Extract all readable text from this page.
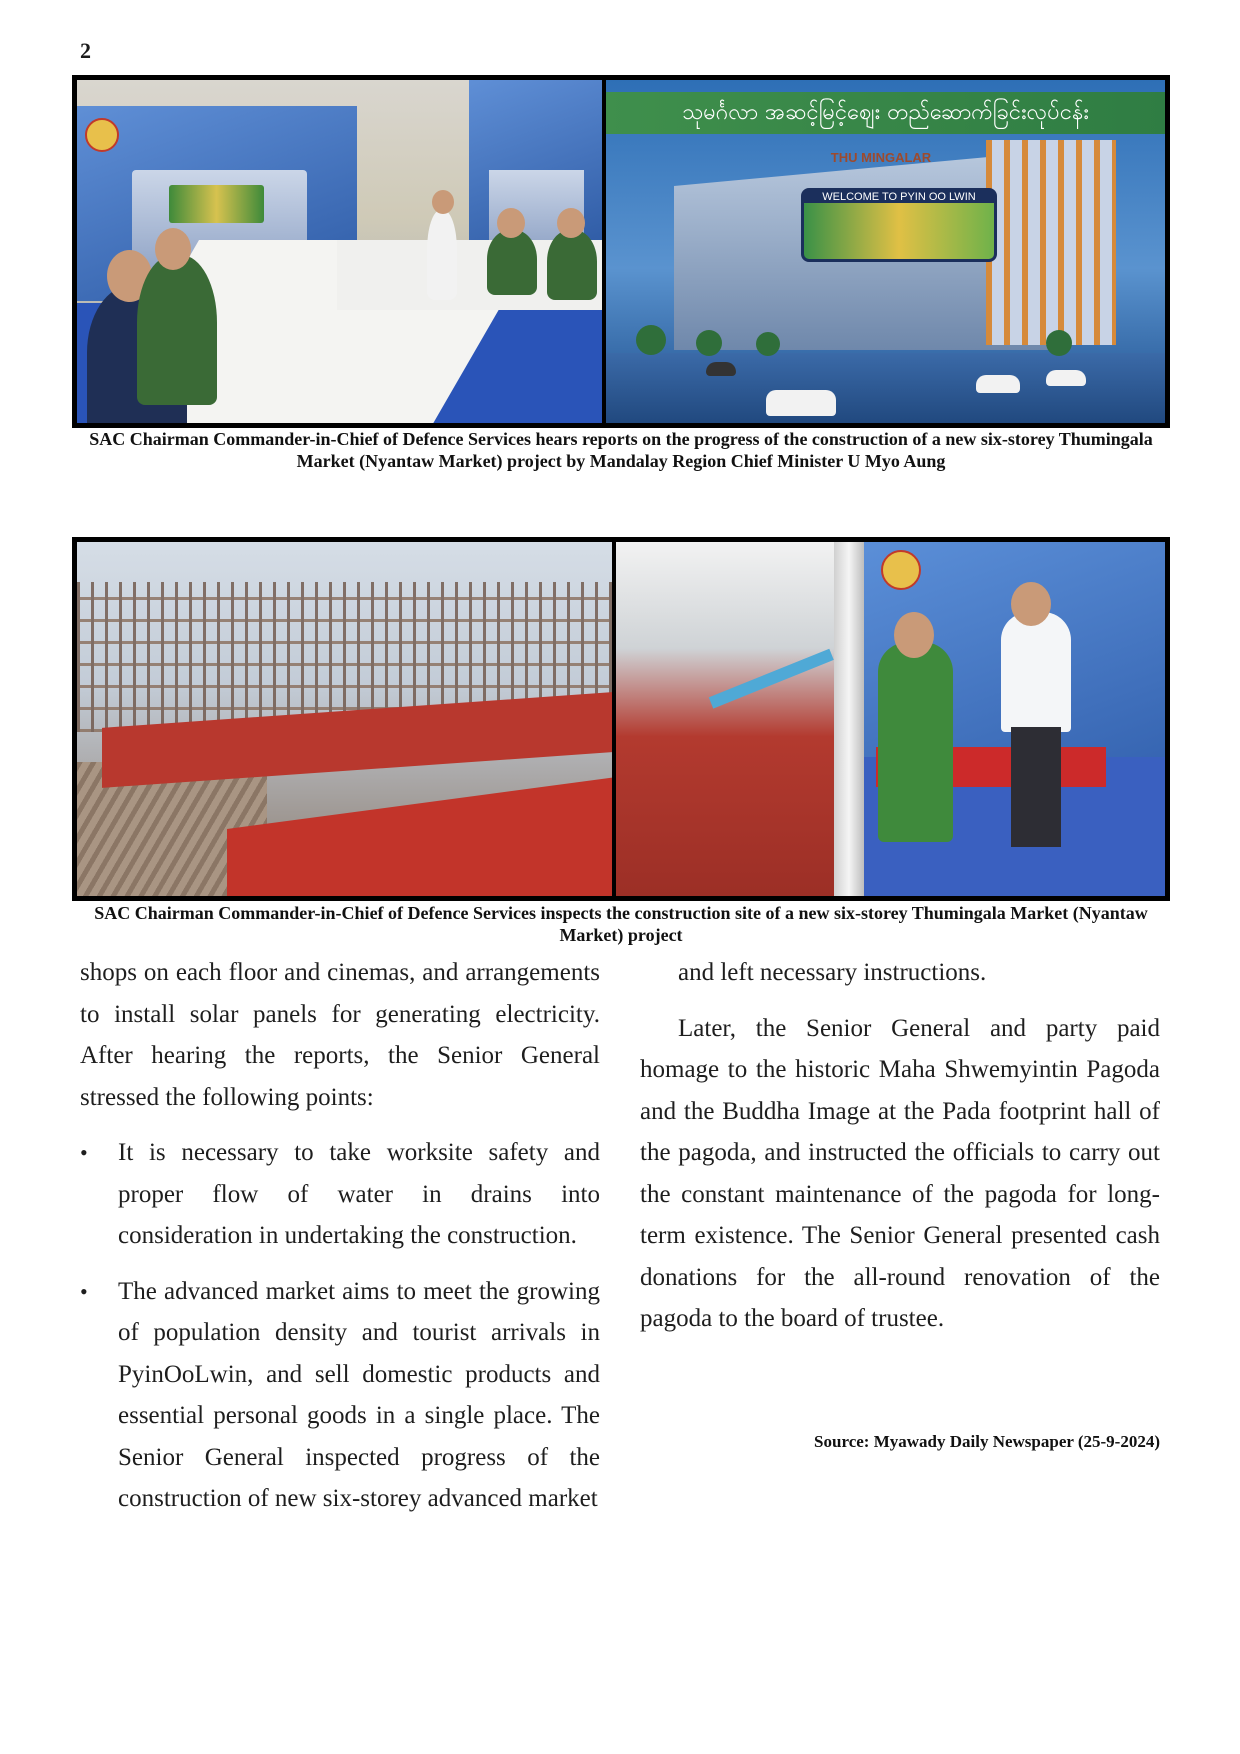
2
သုမင်္ဂလာ အဆင့်မြင့်ဈေး တည်ဆောက်ခြင်းလုပ်ငန်း
THU MINGALAR
WELCOME TO PYIN OO LWIN
SAC Chairman Commander-in-Chief of Defence Services hears reports on the progress of the construction of a new six-storey Thumingala Market (Nyantaw Market) project by Mandalay Region Chief Minister U Myo Aung
SAC Chairman Commander-in-Chief of Defence Services inspects the construction site of a new six-storey Thumingala Market (Nyantaw Market) project

shops on each floor and cinemas, and arrangements to install solar panels for generating electricity. After hearing the reports, the Senior General stressed the following points:

•	It is necessary to take worksite safety and proper flow of water in drains into consideration in undertaking the construction.
•	The advanced market aims to meet the growing of population density and tourist arrivals in PyinOoLwin, and sell domestic products and essential personal goods in a single place. The Senior General inspected progress of the construction of new six-storey advanced market

and left necessary instructions.

Later, the Senior General and party paid homage to the historic Maha Shwemyintin Pagoda and the Buddha Image at the Pada footprint hall of the pagoda, and instructed the officials to carry out the constant maintenance of the pagoda for long-term existence. The Senior General presented cash donations for the all-round renovation of the pagoda to the board of trustee.

Source: Myawady Daily Newspaper (25-9-2024)
